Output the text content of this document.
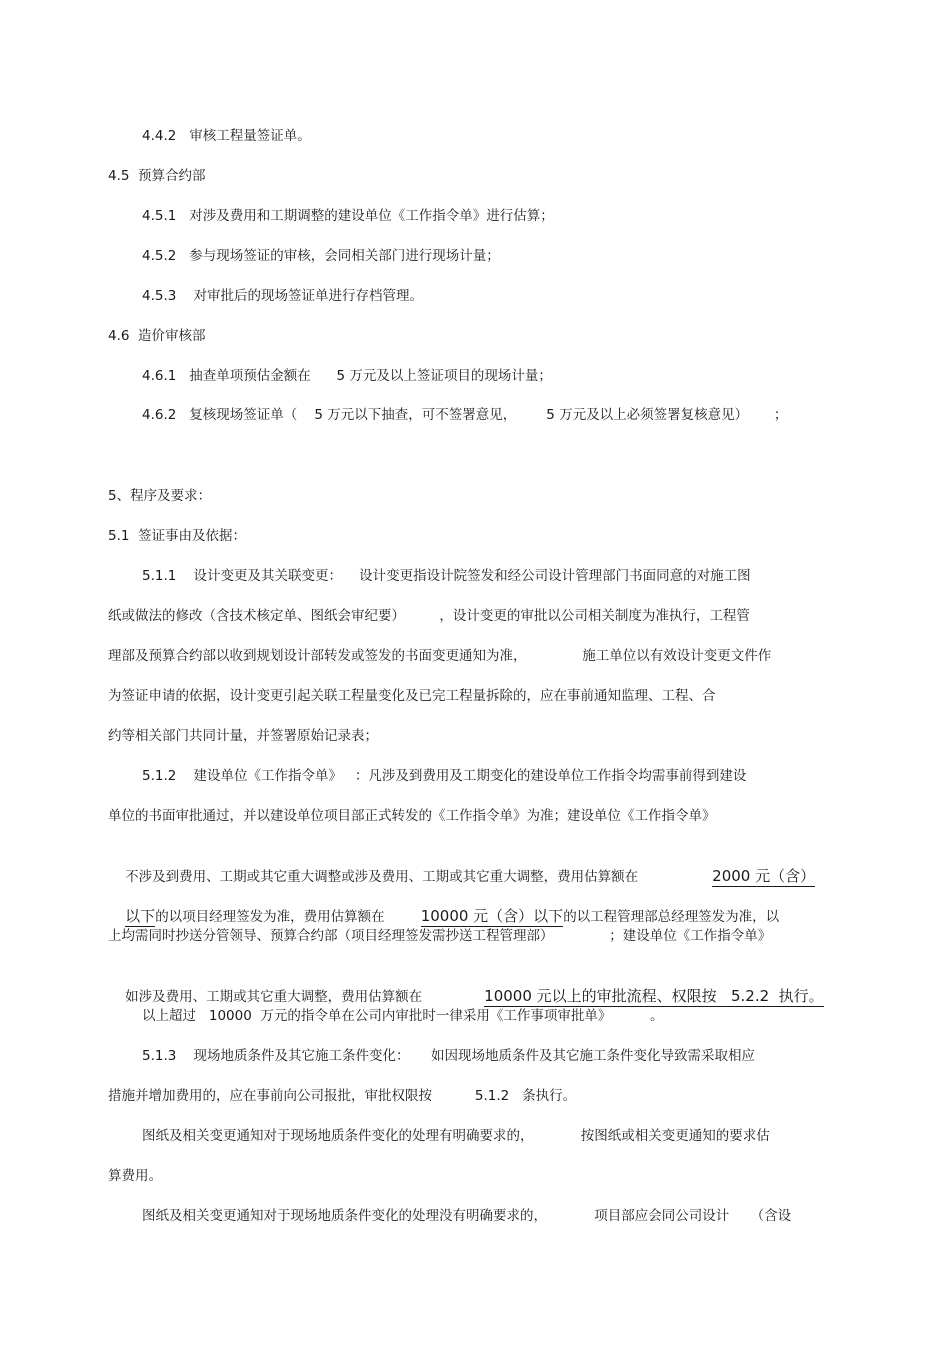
4.4.2   审核工程量签证单。
4.5  预算合约部
4.5.1   对涉及费用和工期调整的建设单位《工作指令单》进行估算；
4.5.2   参与现场签证的审核，会同相关部门进行现场计量；
4.5.3    对审批后的现场签证单进行存档管理。
4.6  造价审核部
4.6.1   抽查单项预估金额在      5 万元及以上签证项目的现场计量；
4.6.2   复核现场签证单（    5 万元以下抽查，可不签署意见，       5 万元及以上必须签署复核意见）      ；
5、程序及要求：
5.1  签证事由及依据：
5.1.1    设计变更及其关联变更：    设计变更指设计院签发和经公司设计管理部门书面同意的对施工图
纸或做法的修改（含技术核定单、图纸会审纪要）        ，设计变更的审批以公司相关制度为准执行，工程管
理部及预算合约部以收到规划设计部转发或签发的书面变更通知为准，             施工单位以有效设计变更文件作
为签证申请的依据，设计变更引起关联工程量变化及已完工程量拆除的，应在事前通知监理、工程、合
约等相关部门共同计量，并签署原始记录表；
5.1.2    建设单位《工作指令单》   ：凡涉及到费用及工期变化的建设单位工作指令均需事前得到建设
单位的书面审批通过，并以建设单位项目部正式转发的《工作指令单》为准；建设单位《工作指令单》

不涉及到费用、工期或其它重大调整或涉及费用、工期或其它重大调整，费用估算额在	2000 元（含）

以下的以项目经理签发为准，费用估算额在 10000 元（含）以下的以工程管理部总经理签发为准，以

上均需同时抄送分管领导、预算合约部（项目经理签发需抄送工程管理部）             ；建设单位《工作指令单》

如涉及费用、工期或其它重大调整，费用估算额在	10000 元以上的审批流程、权限按   5.2.2  执行。

以上超过   10000  万元的指令单在公司内审批时一律采用《工作事项审批单》         。
5.1.3    现场地质条件及其它施工条件变化：     如因现场地质条件及其它施工条件变化导致需采取相应
措施并增加费用的，应在事前向公司报批，审批权限按          5.1.2   条执行。
图纸及相关变更通知对于现场地质条件变化的处理有明确要求的，           按图纸或相关变更通知的要求估
算费用。
图纸及相关变更通知对于现场地质条件变化的处理没有明确要求的，           项目部应会同公司设计     （含设
